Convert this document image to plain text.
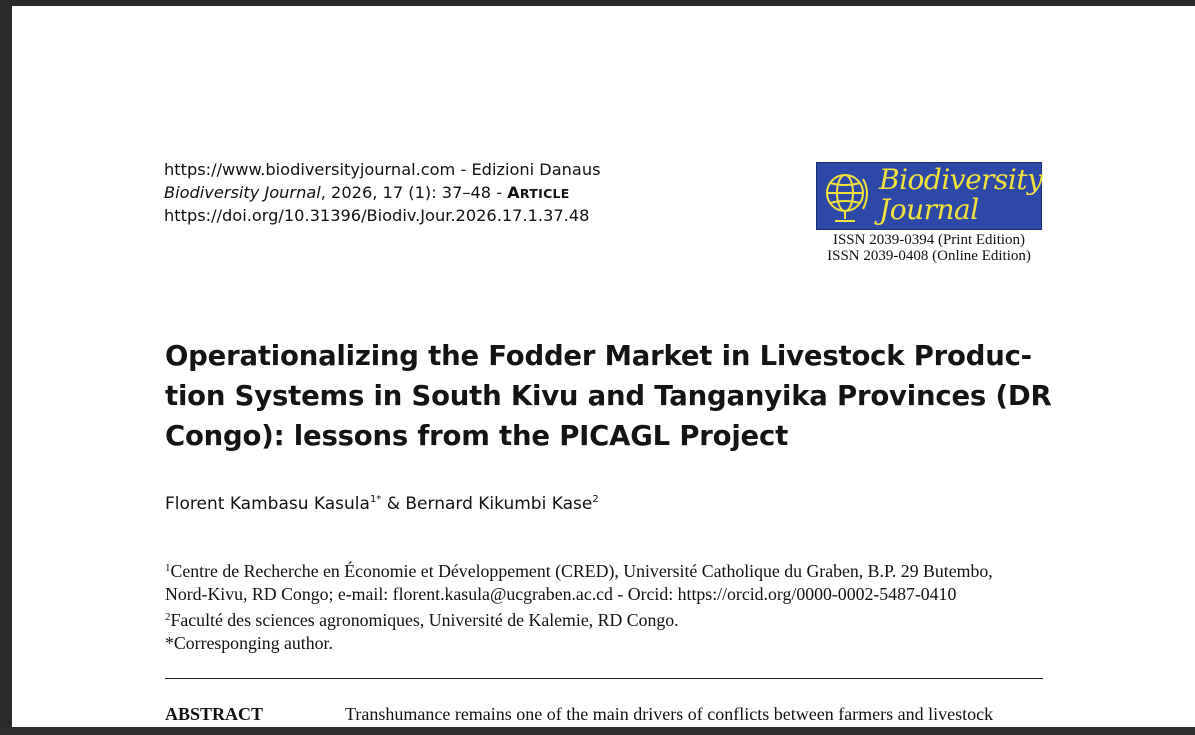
https://www.biodiversityjournal.com - Edizioni Danaus
Biodiversity Journal, 2026, 17 (1): 37–48 - ARTICLE
https://doi.org/10.31396/Biodiv.Jour.2026.17.1.37.48
Biodiversity
Journal
ISSN 2039-0394 (Print Edition)
ISSN 2039-0408 (Online Edition)
Operationalizing the Fodder Market in Livestock Produc-
tion Systems in South Kivu and Tanganyika Provinces (DR
Congo): lessons from the PICAGL Project
Florent Kambasu Kasula$^{1*}$ & Bernard Kikumbi Kase$^2$
$^1$Centre de Recherche en Économie et Développement (CRED), Université Catholique du Graben, B.P. 29 Butembo,
Nord-Kivu, RD Congo; e-mail: florent.kasula@ucgraben.ac.cd - Orcid: https://orcid.org/0000-0002-5487-0410
$^2$Faculté des sciences agronomiques, Université de Kalemie, RD Congo.
*Corresponging author.
ABSTRACT	Transhumance remains one of the main drivers of conflicts between farmers and livestock
